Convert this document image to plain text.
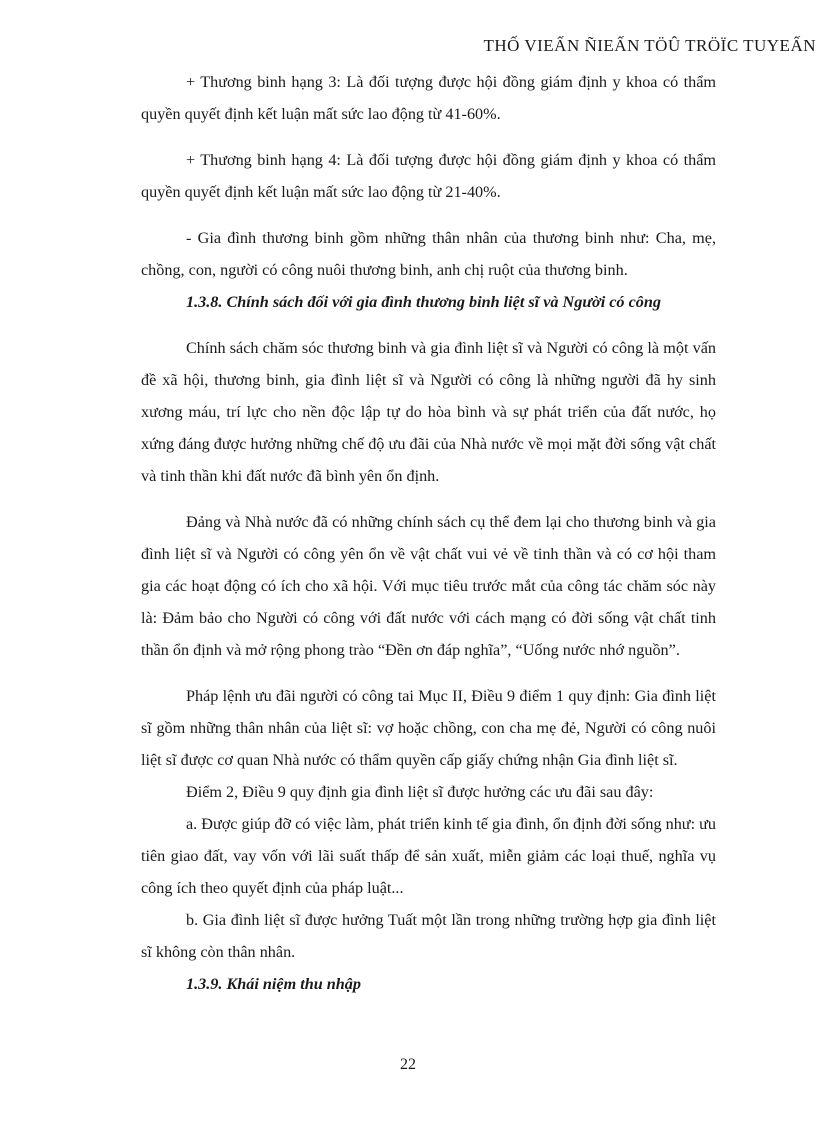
THỐ VIEẤN ÑIEẤN TÖÛ TRÖÏC TUYEẤN

+ Thương binh hạng 3: Là đối tượng được hội đồng giám định y khoa có thẩm quyền quyết định kết luận mất sức lao động từ 41-60%.

+ Thương binh hạng 4: Là đối tượng được hội đồng giám định y khoa có thẩm quyền quyết định kết luận mất sức lao động từ 21-40%.

- Gia đình thương binh gồm những thân nhân của thương binh như: Cha, mẹ, chồng, con, người có công nuôi thương binh, anh chị ruột của thương binh.

1.3.8. Chính sách đối với gia đình thương binh liệt sĩ và Người có công

Chính sách chăm sóc thương binh và gia đình liệt sĩ và Người có công là một vấn đề xã hội, thương binh, gia đình liệt sĩ và Người có công là những người đã hy sinh xương máu, trí lực cho nền độc lập tự do hòa bình và sự phát triển của đất nước, họ xứng đáng được hưởng những chế độ ưu đãi của Nhà nước về mọi mặt đời sống vật chất và tinh thần khi đất nước đã bình yên ổn định.

Đảng và Nhà nước đã có những chính sách cụ thể đem lại cho thương binh và gia đình liệt sĩ và Người có công yên ổn về vật chất vui vẻ về tinh thần và có cơ hội tham gia các hoạt động có ích cho xã hội. Với mục tiêu trước mắt của công tác chăm sóc này là: Đảm bảo cho Người có công với đất nước với cách mạng có đời sống vật chất tinh thần ổn định và mở rộng phong trào “Đền ơn đáp nghĩa”, “Uống nước nhớ nguồn”.

Pháp lệnh ưu đãi người có công tai Mục II, Điều 9 điểm 1 quy định: Gia đình liệt sĩ gồm những thân nhân của liệt sĩ: vợ hoặc chồng, con cha mẹ đẻ, Người có công nuôi liệt sĩ được cơ quan Nhà nước có thẩm quyền cấp giấy chứng nhận Gia đình liệt sĩ.

Điểm 2, Điều 9 quy định gia đình liệt sĩ được hưởng các ưu đãi sau đây:

a. Được giúp đỡ có việc làm, phát triển kinh tế gia đình, ổn định đời sống như: ưu tiên giao đất, vay vốn với lãi suất thấp để sản xuất, miễn giảm các loại thuế, nghĩa vụ công ích theo quyết định của pháp luật...

b. Gia đình liệt sĩ được hưởng Tuất một lần trong những trường hợp gia đình liệt sĩ không còn thân nhân.

1.3.9. Khái niệm thu nhập

22
